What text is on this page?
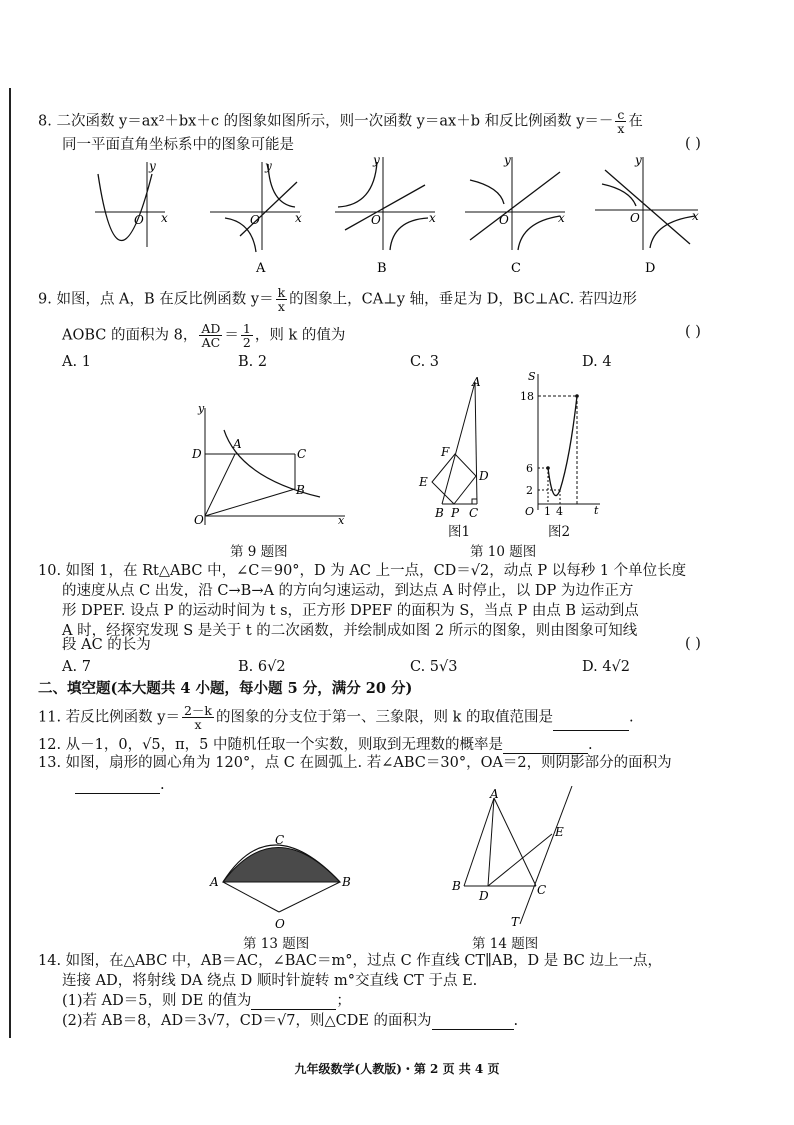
8. 二次函数 y＝ax²＋bx＋c 的图象如图所示，则一次函数 y＝ax＋b 和反比例函数 $y=- \frac{c}{x}$ 在
同一平面直角坐标系中的图象可能是	( )
y
x
O
y
x
O
A
y
x
O
B
y
x
O
C
y
x
O
D
9. 如图，点 A，B 在反比例函数 $y= \frac{k}{x}$ 的图象上，CA⊥y 轴，垂足为 D，BC⊥AC. 若四边形
AOBC 的面积为 8， $\frac{AD}{AC} = \frac{1}{2}$ ，则 k 的值为	( )
A. 1	B. 2	C. 3	D. 4
y
D
A
C
B
O	x
第 9 题图
A
F
E	D
B P C
图1
S
18
6
2
O 1 4	t
图2
第 10 题图
10. 如图 1，在 Rt△ABC 中，∠C＝90°，D 为 AC 上一点，CD＝√2，动点 P 以每秒 1 个单位长度
的速度从点 C 出发，沿 C→B→A 的方向匀速运动，到达点 A 时停止，以 DP 为边作正方
形 DPEF. 设点 P 的运动时间为 t s，正方形 DPEF 的面积为 S，当点 P 由点 B 运动到点
A 时，经探究发现 S 是关于 t 的二次函数，并绘制成如图 2 所示的图象，则由图象可知线
段 AC 的长为	( )
A. 7	B. 6√2	C. 5√3	D. 4√2
二、填空题(本大题共 4 小题，每小题 5 分，满分 20 分)
11. 若反比例函数 $y= \frac{2-k}{x}$ 的图象的分支位于第一、三象限，则 k 的取值范围是	.
12. 从－1，0，√5，π，5 中随机任取一个实数，则取到无理数的概率是	.
13. 如图，扇形的圆心角为 120°，点 C 在圆弧上. 若∠ABC＝30°，OA＝2，则阴影部分的面积为
.
C
A	B
O
第 13 题图
A
E
B
D	C
T
第 14 题图
14. 如图，在△ABC 中，AB＝AC，∠BAC＝m°，过点 C 作直线 CT∥AB，D 是 BC 边上一点，
连接 AD，将射线 DA 绕点 D 顺时针旋转 m°交直线 CT 于点 E.
(1)若 AD＝5，则 DE 的值为	；
(2)若 AB＝8，AD＝3√7，CD＝√7，则△CDE 的面积为	.
九年级数学(人教版)・第 2 页 共 4 页
